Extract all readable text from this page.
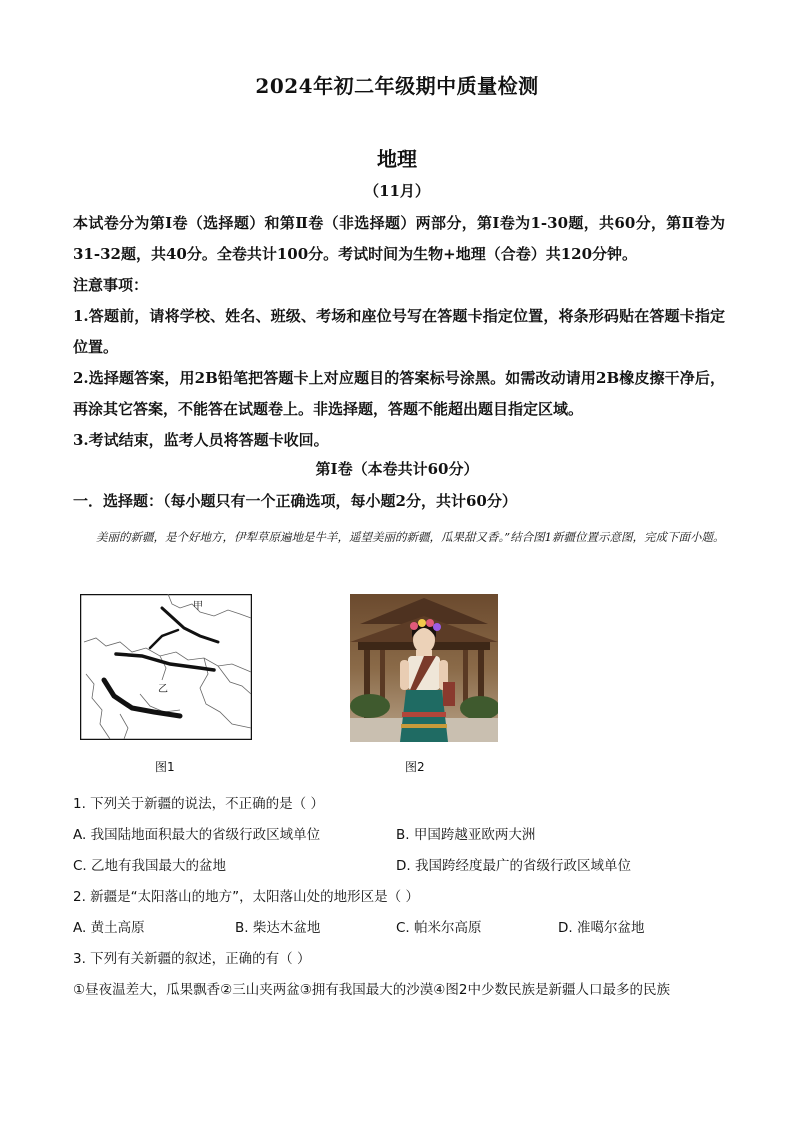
2024年初二年级期中质量检测
地理
（11月）

本试卷分为第Ⅰ卷（选择题）和第Ⅱ卷（非选择题）两部分，第Ⅰ卷为1-30题，共60分，第Ⅱ卷为31-32题，共40分。全卷共计100分。考试时间为生物+地理（合卷）共120分钟。

注意事项：

1.答题前，请将学校、姓名、班级、考场和座位号写在答题卡指定位置，将条形码贴在答题卡指定位置。

2.选择题答案，用2B铅笔把答题卡上对应题目的答案标号涂黑。如需改动请用2B橡皮擦干净后，再涂其它答案，不能答在试题卷上。非选择题，答题不能超出题目指定区域。

3.考试结束，监考人员将答题卡收回。

第Ⅰ卷（本卷共计60分）
一．选择题：（每小题只有一个正确选项，每小题2分，共计60分）
美丽的新疆，是个好地方，伊犁草原遍地是牛羊，遥望美丽的新疆，瓜果甜又香。”结合图1新疆位置示意图，完成下面小题。
甲
乙
图1	图2
1. 下列关于新疆的说法，不正确的是（ ）
A. 我国陆地面积最大的省级行政区域单位	B. 甲国跨越亚欧两大洲
C. 乙地有我国最大的盆地	D. 我国跨经度最广的省级行政区域单位
2. 新疆是“太阳落山的地方”，太阳落山处的地形区是（ ）
A. 黄土高原	B. 柴达木盆地	C. 帕米尔高原	D. 准噶尔盆地
3. 下列有关新疆的叙述，正确的有（ ）
①昼夜温差大，瓜果飘香②三山夹两盆③拥有我国最大的沙漠④图2中少数民族是新疆人口最多的民族
